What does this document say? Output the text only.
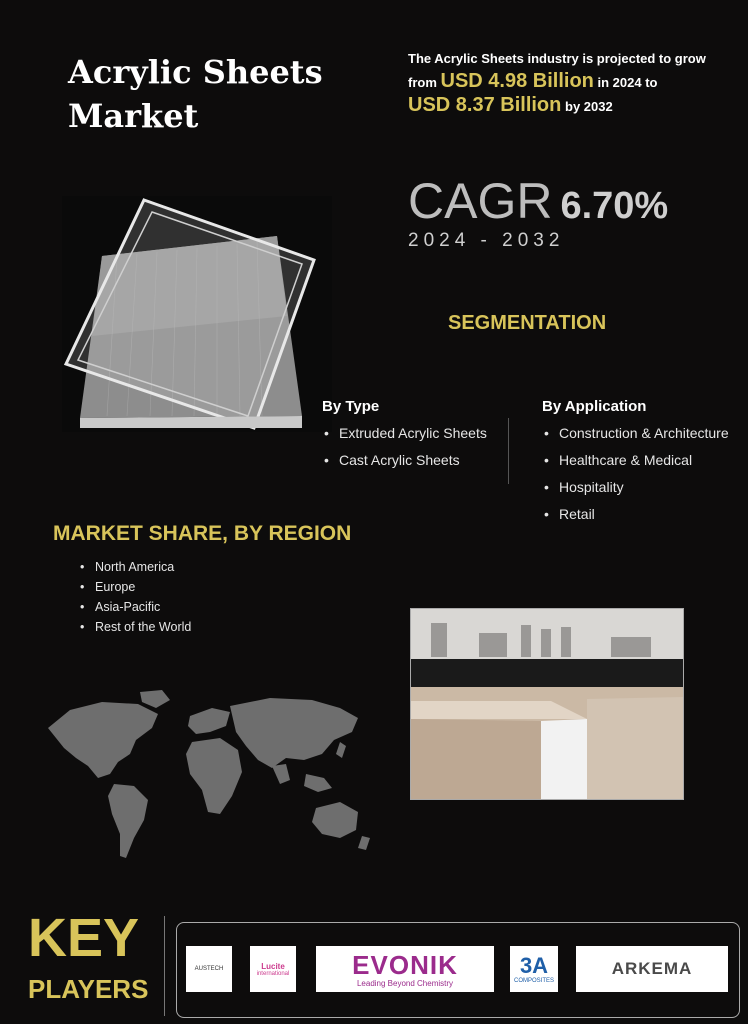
Acrylic Sheets
Market
The Acrylic Sheets industry is projected to grow
from USD 4.98 Billion in 2024 to
USD 8.37 Billion by 2032
CAGR 6.70%
2024 - 2032
SEGMENTATION
By Type
• Extruded Acrylic Sheets
• Cast Acrylic Sheets
By Application
• Construction & Architecture
• Healthcare & Medical
• Hospitality
• Retail
MARKET SHARE, BY REGION
• North America
• Europe
• Asia-Pacific
• Rest of the World
KEY
PLAYERS
AUSTECH	Lucite
international EVONIK
Leading Beyond Chemistry
3A
COMPOSITES
ARKEMA
